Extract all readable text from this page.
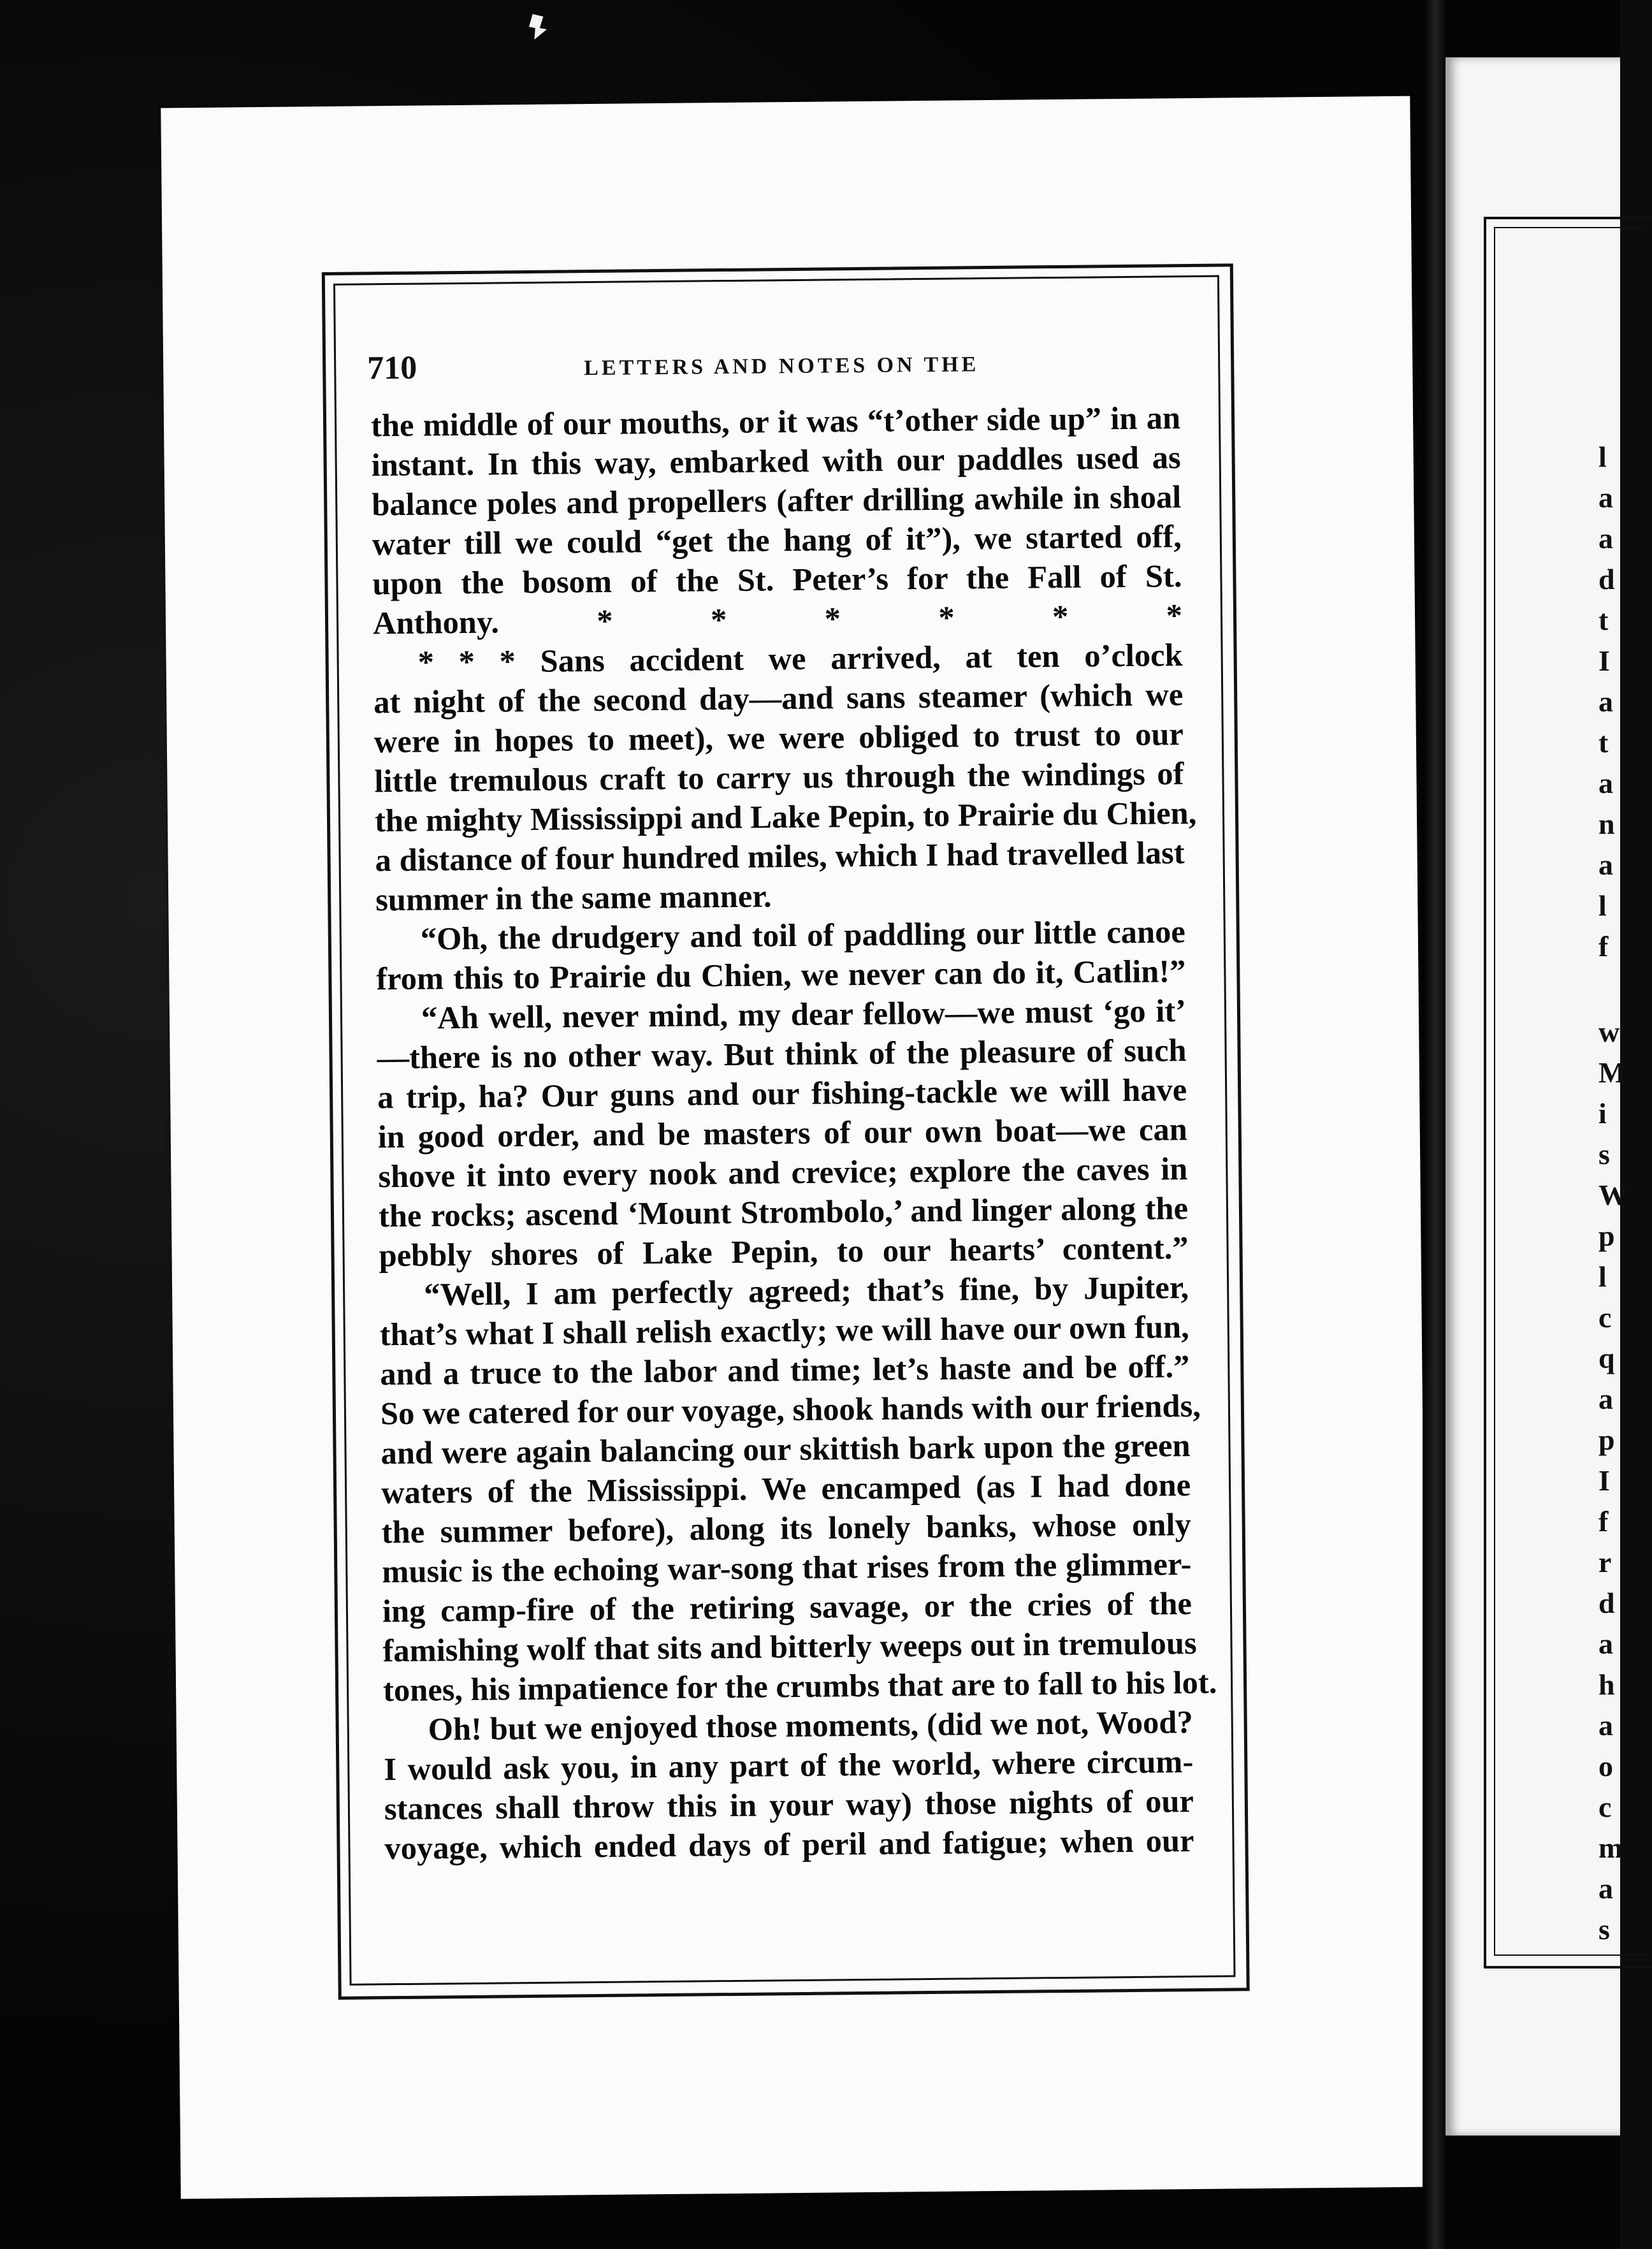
710	LETTERS AND NOTES ON THE
the middle of our mouths, or it was “t’other side up” in an
instant. In this way, embarked with our paddles used as
balance poles and propellers (after drilling awhile in shoal
water till we could “get the hang of it”), we started off,
upon the bosom of the St. Peter’s for the Fall of St.
Anthony. * * * * * *
* * * Sans accident we arrived, at ten o’clock
at night of the second day—and sans steamer (which we
were in hopes to meet), we were obliged to trust to our
little tremulous craft to carry us through the windings of
the mighty Mississippi and Lake Pepin, to Prairie du Chien,
a distance of four hundred miles, which I had travelled last
summer in the same manner.
“Oh, the drudgery and toil of paddling our little canoe
from this to Prairie du Chien, we never can do it, Catlin!”
“Ah well, never mind, my dear fellow—we must ‘go it’
—there is no other way. But think of the pleasure of such
a trip, ha? Our guns and our fishing-tackle we will have
in good order, and be masters of our own boat—we can
shove it into every nook and crevice; explore the caves in
the rocks; ascend ‘Mount Strombolo,’ and linger along the
pebbly shores of Lake Pepin, to our hearts’ content.”
“Well, I am perfectly agreed; that’s fine, by Jupiter,
that’s what I shall relish exactly; we will have our own fun,
and a truce to the labor and time; let’s haste and be off.”
So we catered for our voyage, shook hands with our friends,
and were again balancing our skittish bark upon the green
waters of the Mississippi. We encamped (as I had done
the summer before), along its lonely banks, whose only
music is the echoing war-song that rises from the glimmer-
ing camp-fire of the retiring savage, or the cries of the
famishing wolf that sits and bitterly weeps out in tremulous
tones, his impatience for the crumbs that are to fall to his lot.
Oh! but we enjoyed those moments, (did we not, Wood?
I would ask you, in any part of the world, where circum-
stances shall throw this in your way) those nights of our
voyage, which ended days of peril and fatigue; when our
l
a
a
d
t
I
a
t
a
n
a
l
f
w
M
i
s
W
p
l
c
q
a
p
I
f
r
d
a
h
a
o
c
m
a
s
